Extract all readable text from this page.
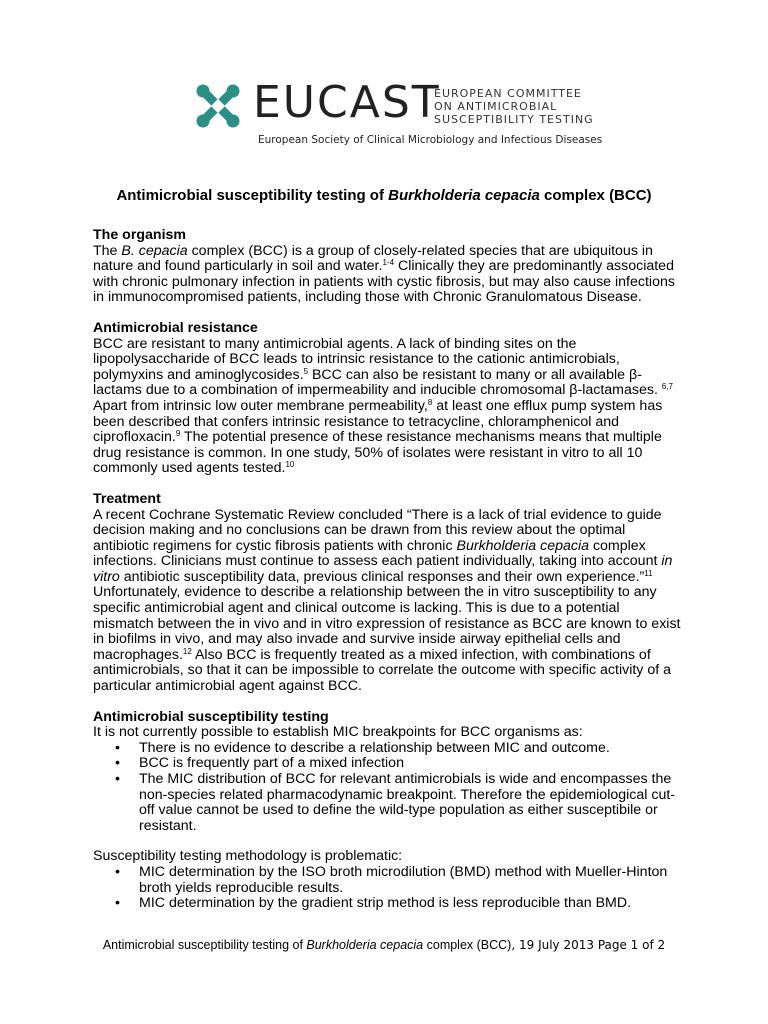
EUCAST
EUROPEAN COMMITTEE
ON ANTIMICROBIAL
SUSCEPTIBILITY TESTING
European Society of Clinical Microbiology and Infectious Diseases
Antimicrobial susceptibility testing of Burkholderia cepacia complex (BCC)
The organism

The B. cepacia complex (BCC) is a group of closely-related species that are ubiquitous in nature and found particularly in soil and water.$^{1-4}$ Clinically they are predominantly associated with chronic pulmonary infection in patients with cystic fibrosis, but may also cause infections in immunocompromised patients, including those with Chronic Granulomatous Disease.

Antimicrobial resistance

BCC are resistant to many antimicrobial agents. A lack of binding sites on the lipopolysaccharide of BCC leads to intrinsic resistance to the cationic antimicrobials, polymyxins and aminoglycosides.$^5$ BCC can also be resistant to many or all available β-lactams due to a combination of impermeability and inducible chromosomal β-lactamases. $^{6,7}$ Apart from intrinsic low outer membrane permeability,$^8$ at least one efflux pump system has been described that confers intrinsic resistance to tetracycline, chloramphenicol and ciprofloxacin.$^9$ The potential presence of these resistance mechanisms means that multiple drug resistance is common. In one study, 50% of isolates were resistant in vitro to all 10 commonly used agents tested.$^{10}$

Treatment

A recent Cochrane Systematic Review concluded “There is a lack of trial evidence to guide decision making and no conclusions can be drawn from this review about the optimal antibiotic regimens for cystic fibrosis patients with chronic Burkholderia cepacia complex infections. Clinicians must continue to assess each patient individually, taking into account in vitro antibiotic susceptibility data, previous clinical responses and their own experience.”$^{11}$ Unfortunately, evidence to describe a relationship between the in vitro susceptibility to any specific antimicrobial agent and clinical outcome is lacking. This is due to a potential mismatch between the in vivo and in vitro expression of resistance as BCC are known to exist in biofilms in vivo, and may also invade and survive inside airway epithelial cells and macrophages.$^{12}$ Also BCC is frequently treated as a mixed infection, with combinations of antimicrobials, so that it can be impossible to correlate the outcome with specific activity of a particular antimicrobial agent against BCC.

Antimicrobial susceptibility testing

It is not currently possible to establish MIC breakpoints for BCC organisms as:

• There is no evidence to describe a relationship between MIC and outcome.
• BCC is frequently part of a mixed infection
• The MIC distribution of BCC for relevant antimicrobials is wide and encompasses the non-species related pharmacodynamic breakpoint. Therefore the epidemiological cut-off value cannot be used to define the wild-type population as either susceptibile or resistant.

Susceptibility testing methodology is problematic:

• MIC determination by the ISO broth microdilution (BMD) method with Mueller-Hinton broth yields reproducible results.
• MIC determination by the gradient strip method is less reproducible than BMD.
Antimicrobial susceptibility testing of Burkholderia cepacia complex (BCC), 19 July 2013 Page 1 of 2
